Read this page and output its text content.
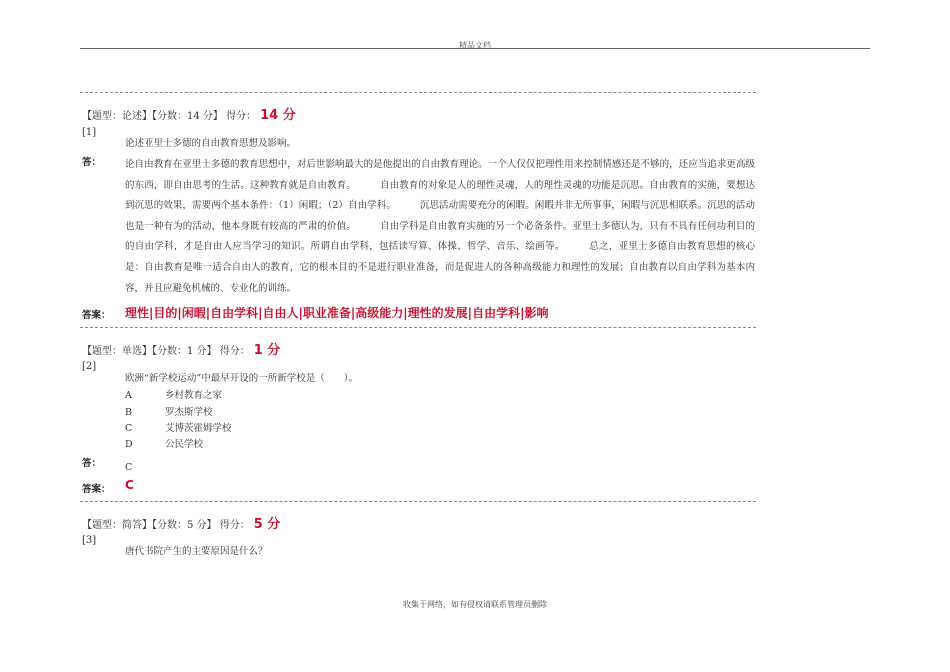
精品文档
【题型：论述】【分数：14 分】 得分： 14 分
[1]
论述亚里士多德的自由教育思想及影响。
答：	论自由教育在亚里士多德的教育思想中，对后世影响最大的是他提出的自由教育理论。一个人仅仅把理性用来控制情感还是不够的，还应当追求更高级的东西，即自由思考的生活。这种教育就是自由教育。　　　自由教育的对象是人的理性灵魂，人的理性灵魂的功能是沉思。自由教育的实施，要想达到沉思的效果，需要两个基本条件：（1）闲暇；（2）自由学科。　　　沉思活动需要充分的闲暇。闲暇并非无所事事，闲暇与沉思相联系。沉思的活动也是一种有为的活动，他本身既有较高的严肃的价值。　　　自由学科是自由教育实施的另一个必备条件。亚里士多德认为，只有不具有任何功利目的的自由学科，才是自由人应当学习的知识。所谓自由学科，包括读写算、体操、哲学、音乐、绘画等。　　　总之，亚里士多德自由教育思想的核心是：自由教育是唯一适合自由人的教育，它的根本目的不是进行职业准备，而是促进人的各种高级能力和理性的发展；自由教育以自由学科为基本内容，并且应避免机械的、专业化的训练。
答案： 理性|目的|闲暇|自由学科|自由人|职业准备|高级能力|理性的发展|自由学科|影响
【题型：单选】【分数：1 分】 得分： 1 分
[2]
欧洲“新学校运动”中最早开设的一所新学校是（　　）。
A	乡村教育之家
B	罗杰斯学校
C	艾博茨霍姆学校
D	公民学校
答：	C
答案： C
【题型：简答】【分数：5 分】 得分： 5 分
[3]
唐代书院产生的主要原因是什么？
收集于网络，如有侵权请联系管理员删除
